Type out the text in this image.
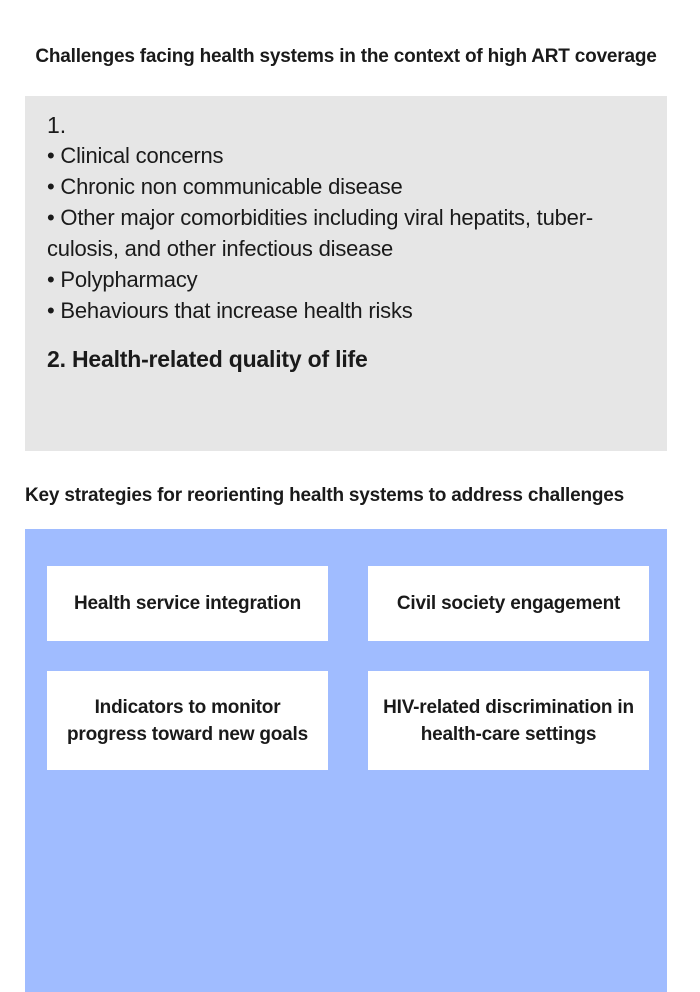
Challenges facing health systems in the context of high ART coverage
1.
• Clinical concerns
• Chronic non communicable disease
• Other major comorbidities including viral hepatits, tuber-culosis, and other infectious disease
• Polypharmacy
• Behaviours that increase health risks
2. Health-related quality of life
Key strategies for reorienting health systems to address challenges
Health service integration	Civil society engagement
Indicators to monitor progress toward new goals
HIV-related discrimination in health-care settings
